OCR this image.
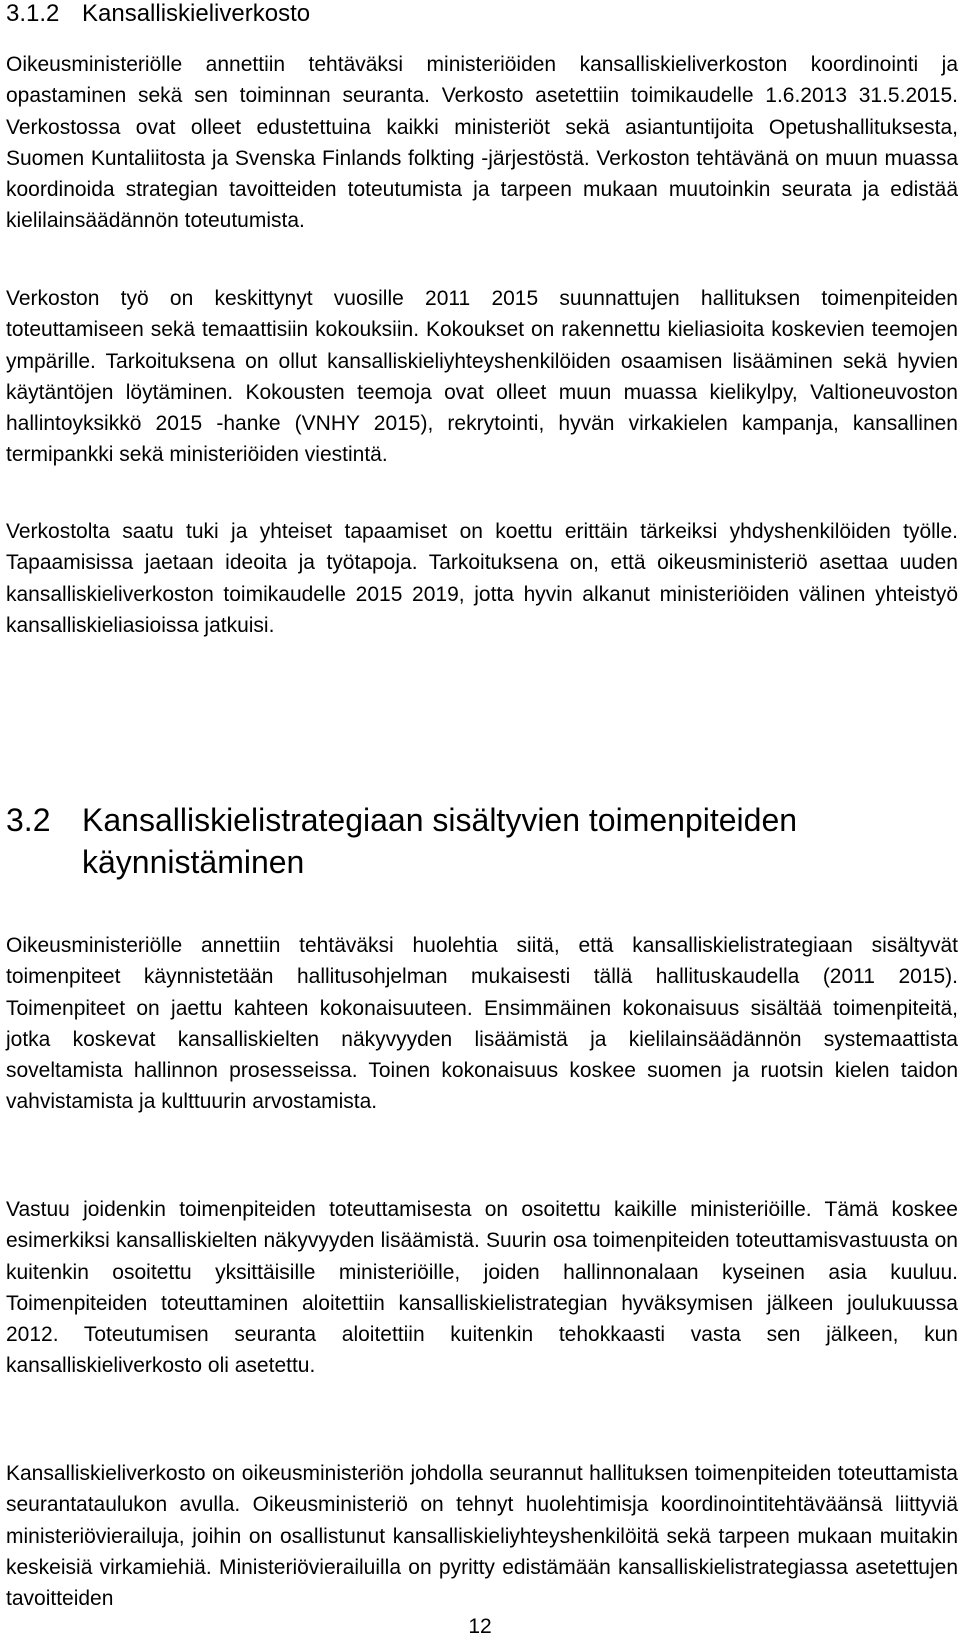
3.1.2 Kansalliskieliverkosto

Oikeusministeriölle annettiin tehtäväksi ministeriöiden kansalliskieliverkoston koordinointi ja opastaminen sekä sen toiminnan seuranta. Verkosto asetettiin toimikaudelle 1.6.2013 31.5.2015. Verkostossa ovat olleet edustettuina kaikki ministeriöt sekä asiantuntijoita Opetushallituksesta, Suomen Kuntaliitosta ja Svenska Finlands folkting -järjestöstä. Verkoston tehtävänä on muun muassa koordinoida strategian tavoitteiden toteutumista ja tarpeen mukaan muutoinkin seurata ja edistää kielilainsäädännön toteutumista.

Verkoston työ on keskittynyt vuosille 2011 2015 suunnattujen hallituksen toimenpiteiden toteuttamiseen sekä temaattisiin kokouksiin. Kokoukset on rakennettu kieliasioita koskevien teemojen ympärille. Tarkoituksena on ollut kansalliskieliyhteyshenkilöiden osaamisen lisääminen sekä hyvien käytäntöjen löytäminen. Kokousten teemoja ovat olleet muun muassa kielikylpy, Valtioneuvoston hallintoyksikkö 2015 -hanke (VNHY 2015), rekrytointi, hyvän virkakielen kampanja, kansallinen termipankki sekä ministeriöiden viestintä.

Verkostolta saatu tuki ja yhteiset tapaamiset on koettu erittäin tärkeiksi yhdyshenkilöiden työlle. Tapaamisissa jaetaan ideoita ja työtapoja. Tarkoituksena on, että oikeusministeriö asettaa uuden kansalliskieliverkoston toimikaudelle 2015 2019, jotta hyvin alkanut ministeriöiden välinen yhteistyö kansalliskieliasioissa jatkuisi.

3.2 Kansalliskielistrategiaan sisältyvien toimenpiteiden käynnistäminen

Oikeusministeriölle annettiin tehtäväksi huolehtia siitä, että kansalliskielistrategiaan sisältyvät toimenpiteet käynnistetään hallitusohjelman mukaisesti tällä hallituskaudella (2011 2015). Toimenpiteet on jaettu kahteen kokonaisuuteen. Ensimmäinen kokonaisuus sisältää toimenpiteitä, jotka koskevat kansalliskielten näkyvyyden lisäämistä ja kielilainsäädännön systemaattista soveltamista hallinnon prosesseissa. Toinen kokonaisuus koskee suomen ja ruotsin kielen taidon vahvistamista ja kulttuurin arvostamista.

Vastuu joidenkin toimenpiteiden toteuttamisesta on osoitettu kaikille ministeriöille. Tämä koskee esimerkiksi kansalliskielten näkyvyyden lisäämistä. Suurin osa toimenpiteiden toteuttamisvastuusta on kuitenkin osoitettu yksittäisille ministeriöille, joiden hallinnonalaan kyseinen asia kuuluu. Toimenpiteiden toteuttaminen aloitettiin kansalliskielistrategian hyväksymisen jälkeen joulukuussa 2012. Toteutumisen seuranta aloitettiin kuitenkin tehokkaasti vasta sen jälkeen, kun kansalliskieliverkosto oli asetettu.

Kansalliskieliverkosto on oikeusministeriön johdolla seurannut hallituksen toimenpiteiden toteuttamista seurantataulukon avulla. Oikeusministeriö on tehnyt huolehtimisja koordinointitehtäväänsä liittyviä ministeriövierailuja, joihin on osallistunut kansalliskieliyhteyshenkilöitä sekä tarpeen mukaan muitakin keskeisiä virkamiehiä. Ministeriövierailuilla on pyritty edistämään kansalliskielistrategiassa asetettujen tavoitteiden

12
